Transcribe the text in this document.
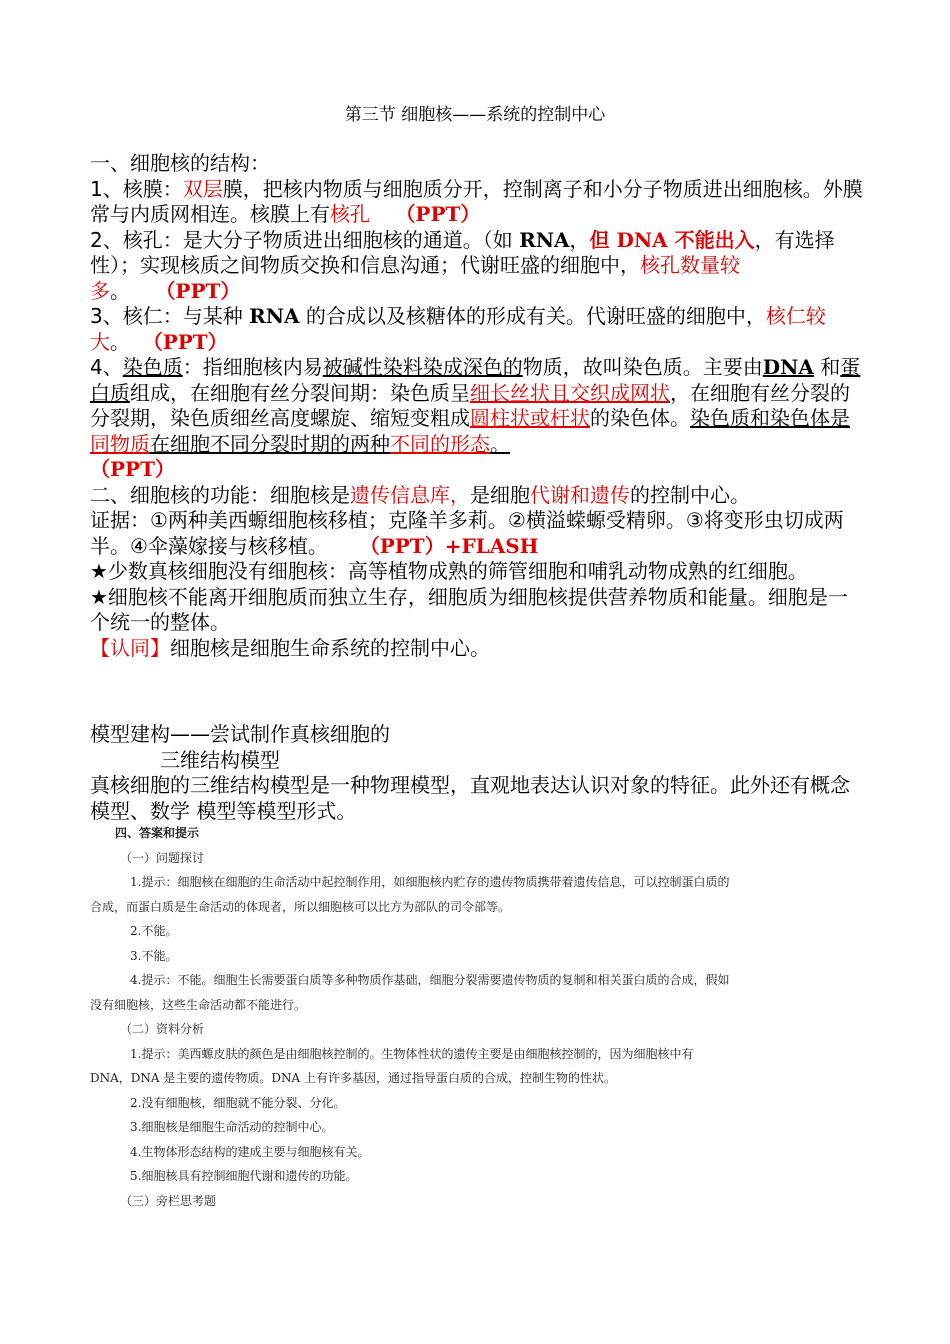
第三节 细胞核——系统的控制中心

一、细胞核的结构：

1、核膜：双层膜，把核内物质与细胞质分开，控制离子和小分子物质进出细胞核。外膜常与内质网相连。核膜上有核孔 （PPT）

2、核孔：是大分子物质进出细胞核的通道。（如 RNA，但 DNA 不能出入，有选择性）；实现核质之间物质交换和信息沟通；代谢旺盛的细胞中，核孔数量较多。 （PPT）

3、核仁：与某种 RNA 的合成以及核糖体的形成有关。代谢旺盛的细胞中，核仁较大。 （PPT）

4、染色质：指细胞核内易被碱性染料染成深色的物质，故叫染色质。主要由DNA 和蛋白质组成，在细胞有丝分裂间期：染色质呈细长丝状且交织成网状，在细胞有丝分裂的分裂期，染色质细丝高度螺旋、缩短变粗成圆柱状或杆状的染色体。染色质和染色体是同物质在细胞不同分裂时期的两种不同的形态。
（PPT）

二、细胞核的功能：细胞核是遗传信息库，是细胞代谢和遗传的控制中心。

证据：①两种美西螈细胞核移植；克隆羊多莉。②横溢蝾螈受精卵。③将变形虫切成两半。④伞藻嫁接与核移植。 （PPT）+FLASH

★少数真核细胞没有细胞核：高等植物成熟的筛管细胞和哺乳动物成熟的红细胞。

★细胞核不能离开细胞质而独立生存，细胞质为细胞核提供营养物质和能量。细胞是一个统一的整体。

【认同】细胞核是细胞生命系统的控制中心。

模型建构——尝试制作真核细胞的

三维结构模型

真核细胞的三维结构模型是一种物理模型，直观地表达认识对象的特征。此外还有概念模型、数学 模型等模型形式。

四、答案和提示

（一）问题探讨

1.提示：细胞核在细胞的生命活动中起控制作用，如细胞核内贮存的遗传物质携带着遗传信息，可以控制蛋白质的

合成，而蛋白质是生命活动的体现者，所以细胞核可以比方为部队的司令部等。

2.不能。

3.不能。

4.提示：不能。细胞生长需要蛋白质等多种物质作基础，细胞分裂需要遗传物质的复制和相关蛋白质的合成，假如

没有细胞核，这些生命活动都不能进行。

（二）资料分析

1.提示：美西螈皮肤的颜色是由细胞核控制的。生物体性状的遗传主要是由细胞核控制的，因为细胞核中有

DNA，DNA 是主要的遗传物质。DNA 上有许多基因，通过指导蛋白质的合成，控制生物的性状。

2.没有细胞核，细胞就不能分裂、分化。

3.细胞核是细胞生命活动的控制中心。

4.生物体形态结构的建成主要与细胞核有关。

5.细胞核具有控制细胞代谢和遗传的功能。

（三）旁栏思考题
